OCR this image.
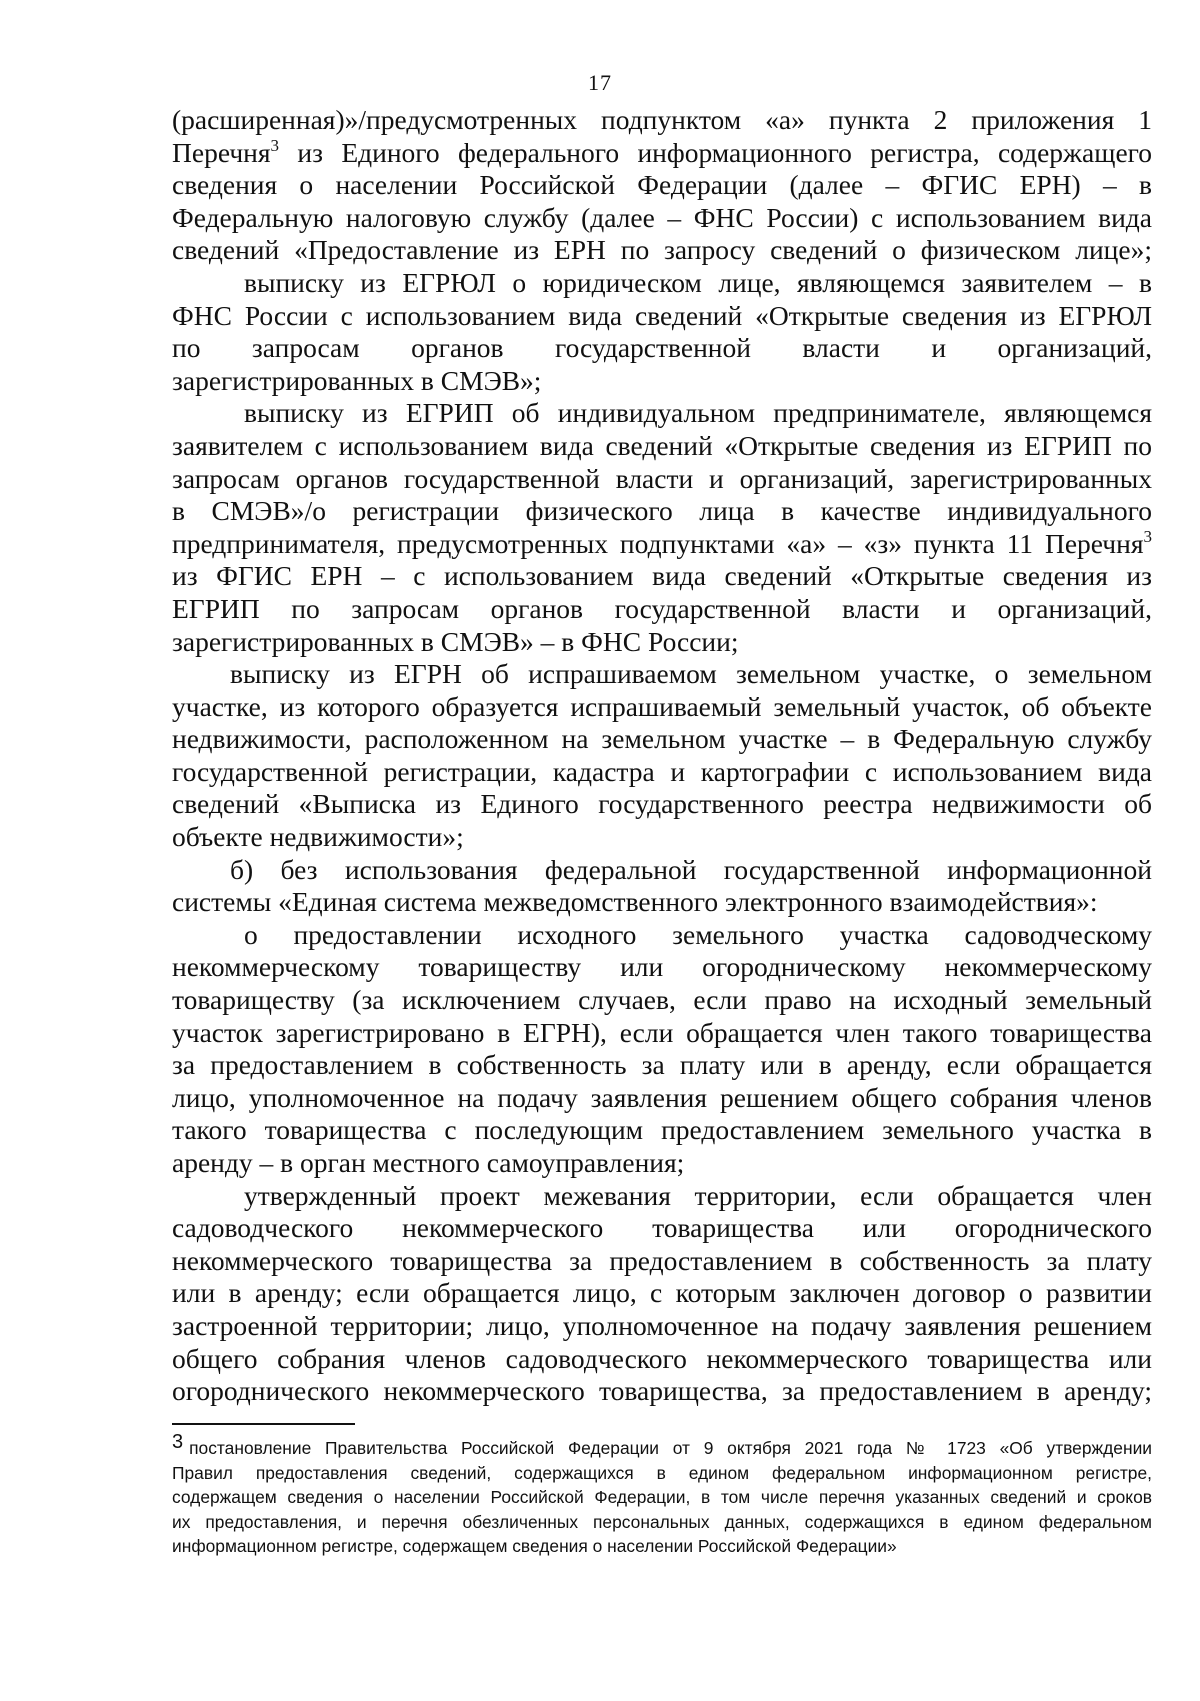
17
(расширенная)»/предусмотренных подпунктом «а» пункта 2 приложения 1
Перечня$^3$ из Единого федерального информационного регистра, содержащего
сведения о населении Российской Федерации (далее – ФГИС ЕРН) – в
Федеральную налоговую службу (далее – ФНС России) с использованием вида
сведений «Предоставление из ЕРН по запросу сведений о физическом лице»;
выписку из ЕГРЮЛ о юридическом лице, являющемся заявителем – в
ФНС России с использованием вида сведений «Открытые сведения из ЕГРЮЛ
по запросам органов государственной власти и организаций,
зарегистрированных в СМЭВ»;
выписку из ЕГРИП об индивидуальном предпринимателе, являющемся
заявителем с использованием вида сведений «Открытые сведения из ЕГРИП по
запросам органов государственной власти и организаций, зарегистрированных
в СМЭВ»/о регистрации физического лица в качестве индивидуального
предпринимателя, предусмотренных подпунктами «а» – «з» пункта 11 Перечня$^3$
из ФГИС ЕРН – с использованием вида сведений «Открытые сведения из
ЕГРИП по запросам органов государственной власти и организаций,
зарегистрированных в СМЭВ» – в ФНС России;
выписку из ЕГРН об испрашиваемом земельном участке, о земельном
участке, из которого образуется испрашиваемый земельный участок, об объекте
недвижимости, расположенном на земельном участке – в Федеральную службу
государственной регистрации, кадастра и картографии с использованием вида
сведений «Выписка из Единого государственного реестра недвижимости об
объекте недвижимости»;
б) без использования федеральной государственной информационной
системы «Единая система межведомственного электронного взаимодействия»:
о предоставлении исходного земельного участка садоводческому
некоммерческому товариществу или огородническому некоммерческому
товариществу (за исключением случаев, если право на исходный земельный
участок зарегистрировано в ЕГРН), если обращается член такого товарищества
за предоставлением в собственность за плату или в аренду, если обращается
лицо, уполномоченное на подачу заявления решением общего собрания членов
такого товарищества с последующим предоставлением земельного участка в
аренду – в орган местного самоуправления;
утвержденный проект межевания территории, если обращается член
садоводческого некоммерческого товарищества или огороднического
некоммерческого товарищества за предоставлением в собственность за плату
или в аренду; если обращается лицо, с которым заключен договор о развитии
застроенной территории; лицо, уполномоченное на подачу заявления решением
общего собрания членов садоводческого некоммерческого товарищества или
огороднического некоммерческого товарищества, за предоставлением в аренду;
3 постановление Правительства Российской Федерации от 9 октября 2021 года № 1723 «Об утверждении
Правил предоставления сведений, содержащихся в едином федеральном информационном регистре,
содержащем сведения о населении Российской Федерации, в том числе перечня указанных сведений и сроков
их предоставления, и перечня обезличенных персональных данных, содержащихся в едином федеральном
информационном регистре, содержащем сведения о населении Российской Федерации»
